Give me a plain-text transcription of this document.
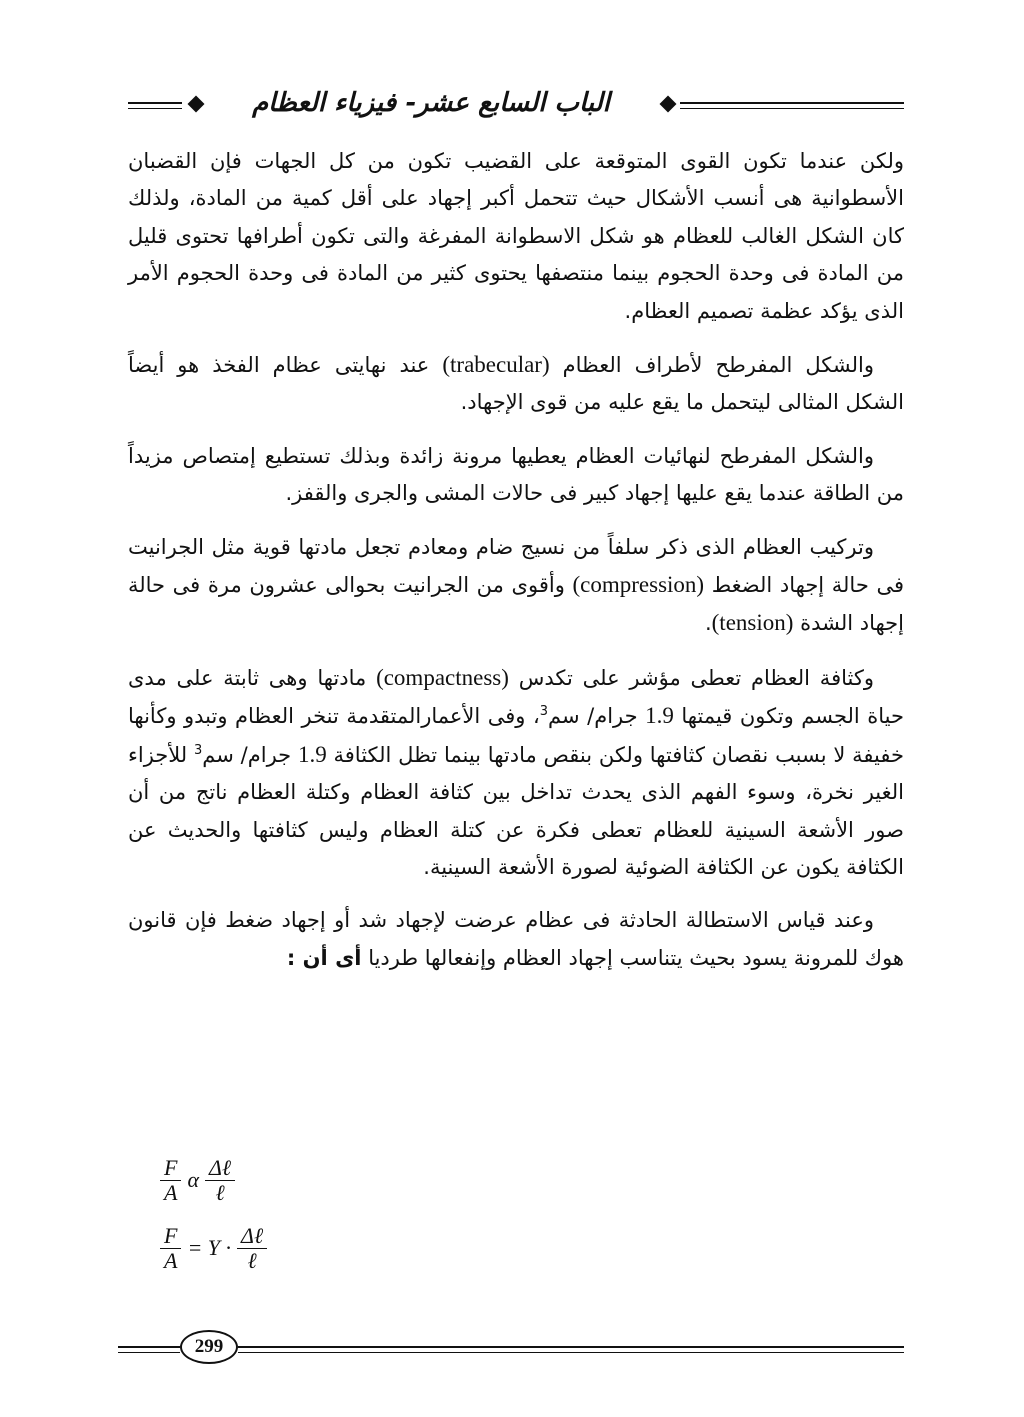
الباب السابع عشر- فيزياء العظام

ولكن عندما تكون القوى المتوقعة على القضيب تكون من كل الجهات فإن القضبان الأسطوانية هى أنسب الأشكال حيث تتحمل أكبر إجهاد على أقل كمية من المادة، ولذلك كان الشكل الغالب للعظام هو شكل الاسطوانة المفرغة والتى تكون أطرافها تحتوى قليل من المادة فى وحدة الحجوم بينما منتصفها يحتوى كثير من المادة فى وحدة الحجوم الأمر الذى يؤكد عظمة تصميم العظام.

والشكل المفرطح لأطراف العظام (trabecular) عند نهايتى عظام الفخذ هو أيضاً الشكل المثالى ليتحمل ما يقع عليه من قوى الإجهاد.

والشكل المفرطح لنهائيات العظام يعطيها مرونة زائدة وبذلك تستطيع إمتصاص مزيداً من الطاقة عندما يقع عليها إجهاد كبير فى حالات المشى والجرى والقفز.

وتركيب العظام الذى ذكر سلفاً من نسيج ضام ومعادم تجعل مادتها قوية مثل الجرانيت فى حالة إجهاد الضغط (compression) وأقوى من الجرانيت بحوالى عشرون مرة فى حالة إجهاد الشدة (tension).

وكثافة العظام تعطى مؤشر على تكدس (compactness) مادتها وهى ثابتة على مدى حياة الجسم وتكون قيمتها 1.9 جرام/ سم$^3$، وفى الأعمارالمتقدمة تنخر العظام وتبدو وكأنها خفيفة لا بسبب نقصان كثافتها ولكن بنقص مادتها بينما تظل الكثافة 1.9 جرام/ سم$^3$ للأجزاء الغير نخرة، وسوء الفهم الذى يحدث تداخل بين كثافة العظام وكتلة العظام ناتج من أن صور الأشعة السينية للعظام تعطى فكرة عن كتلة العظام وليس كثافتها والحديث عن الكثافة يكون عن الكثافة الضوئية لصورة الأشعة السينية.

وعند قياس الاستطالة الحادثة فى عظام عرضت لإجهاد شد أو إجهاد ضغط فإن قانون هوك للمرونة يسود بحيث يتناسب إجهاد العظام وإنفعالها طرديا أى أن :

$\frac{F}{A}$ α $\frac{\text{Δℓ}}{\text{ℓ}}$
$\frac{F}{A} = Y \cdot \frac{\text{Δℓ}}{\text{ℓ}}$
299
